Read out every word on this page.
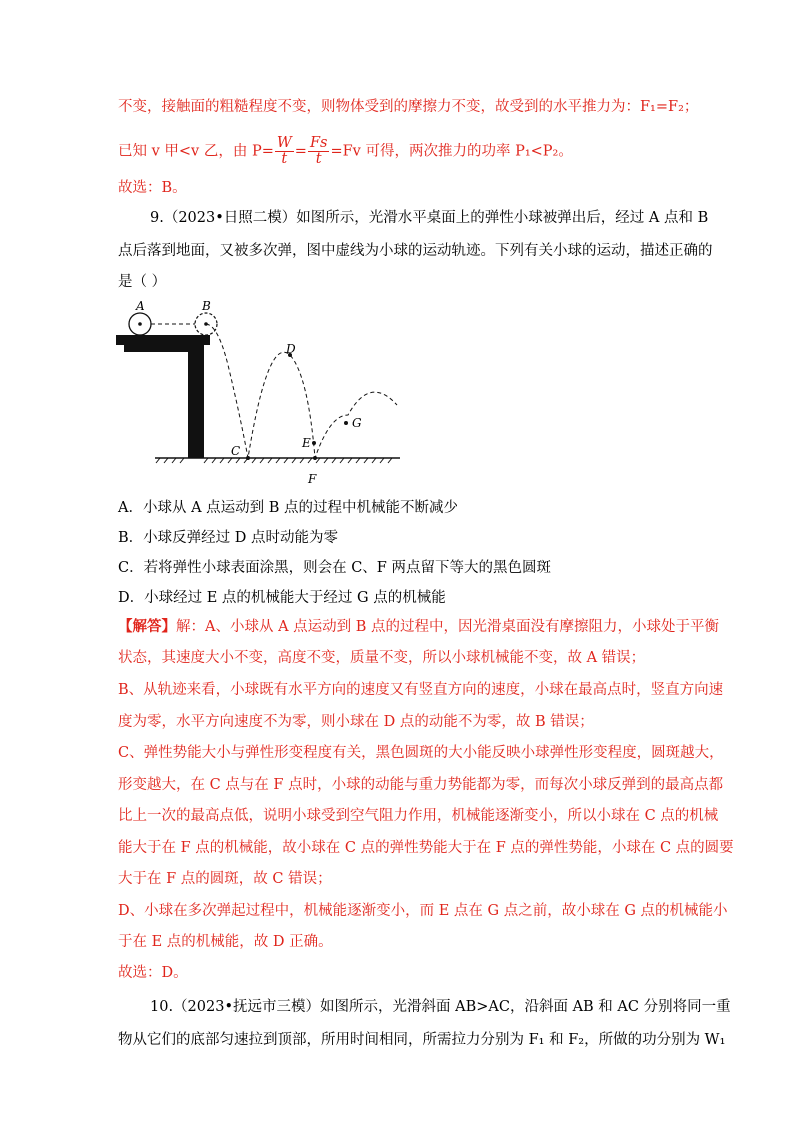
不变，接触面的粗糙程度不变，则物体受到的摩擦力不变，故受到的水平推力为：F₁=F₂；
已知 v 甲<v 乙，由 $P= \frac{W}{t} = \frac{Fs}{t} =Fv$ 可得，两次推力的功率 P₁<P₂。
故选：B。
9.（2023•日照二模）如图所示，光滑水平桌面上的弹性小球被弹出后，经过 A 点和 B
点后落到地面，又被多次弹，图中虚线为小球的运动轨迹。下列有关小球的运动，描述正确的
是（ ）
A	B
C
D
E
F
G
A．小球从 A 点运动到 B 点的过程中机械能不断减少
B．小球反弹经过 D 点时动能为零
C．若将弹性小球表面涂黑，则会在 C、F 两点留下等大的黑色圆斑
D．小球经过 E 点的机械能大于经过 G 点的机械能
【解答】解：A、小球从 A 点运动到 B 点的过程中，因光滑桌面没有摩擦阻力，小球处于平衡
状态，其速度大小不变，高度不变，质量不变，所以小球机械能不变，故 A 错误；
B、从轨迹来看，小球既有水平方向的速度又有竖直方向的速度，小球在最高点时，竖直方向速
度为零，水平方向速度不为零，则小球在 D 点的动能不为零，故 B 错误；
C、弹性势能大小与弹性形变程度有关，黑色圆斑的大小能反映小球弹性形变程度，圆斑越大，
形变越大，在 C 点与在 F 点时，小球的动能与重力势能都为零，而每次小球反弹到的最高点都
比上一次的最高点低，说明小球受到空气阻力作用，机械能逐渐变小，所以小球在 C 点的机械
能大于在 F 点的机械能，故小球在 C 点的弹性势能大于在 F 点的弹性势能，小球在 C 点的圆要
大于在 F 点的圆斑，故 C 错误；
D、小球在多次弹起过程中，机械能逐渐变小，而 E 点在 G 点之前，故小球在 G 点的机械能小
于在 E 点的机械能，故 D 正确。
故选：D。
10.（2023•抚远市三模）如图所示，光滑斜面 AB>AC，沿斜面 AB 和 AC 分别将同一重
物从它们的底部匀速拉到顶部，所用时间相同，所需拉力分别为 F₁ 和 F₂，所做的功分别为 W₁
